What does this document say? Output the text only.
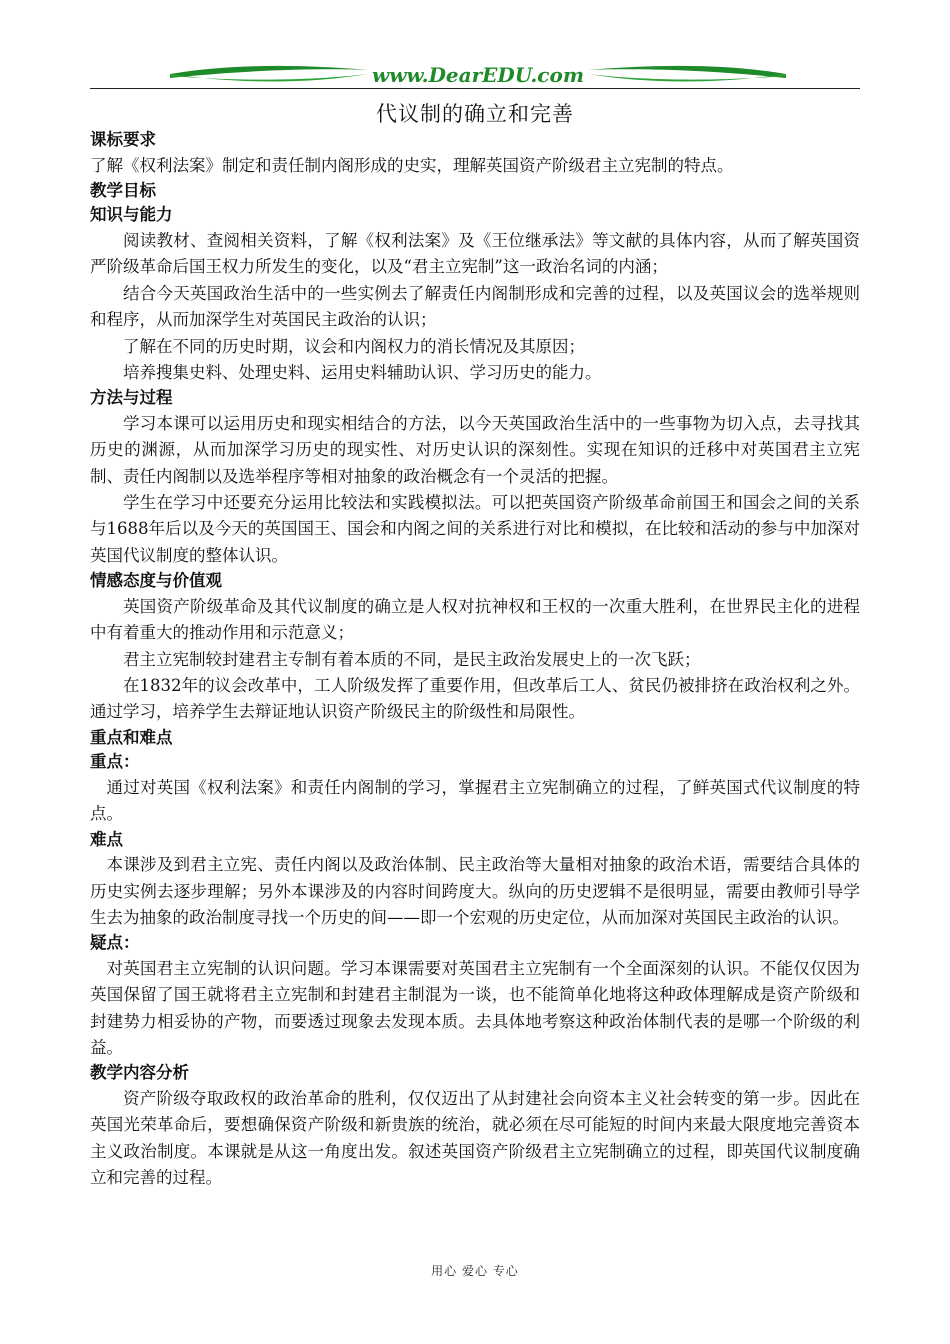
www.DearEDU.com
代议制的确立和完善
课标要求

了解《权利法案》制定和责任制内阁形成的史实，理解英国资产阶级君主立宪制的特点。

教学目标
知识与能力

阅读教材、查阅相关资料，了解《权利法案》及《王位继承法》等文献的具体内容，从而了解英国资严阶级革命后国王权力所发生的变化，以及“君主立宪制”这一政治名词的内涵；

结合今天英国政治生活中的一些实例去了解责任内阁制形成和完善的过程，以及英国议会的选举规则和程序，从而加深学生对英国民主政治的认识；

了解在不同的历史时期，议会和内阁权力的消长情况及其原因；

培养搜集史料、处理史料、运用史料辅助认识、学习历史的能力。

方法与过程

学习本课可以运用历史和现实相结合的方法，以今天英国政治生活中的一些事物为切入点，去寻找其历史的渊源，从而加深学习历史的现实性、对历史认识的深刻性。实现在知识的迁移中对英国君主立宪制、责任内阁制以及选举程序等相对抽象的政治概念有一个灵活的把握。

学生在学习中还要充分运用比较法和实践模拟法。可以把英国资产阶级革命前国王和国会之间的关系与1688年后以及今天的英国国王、国会和内阁之间的关系进行对比和模拟，在比较和活动的参与中加深对英国代议制度的整体认识。

情感态度与价值观

英国资产阶级革命及其代议制度的确立是人权对抗神权和王权的一次重大胜利，在世界民主化的进程中有着重大的推动作用和示范意义；

君主立宪制较封建君主专制有着本质的不同，是民主政治发展史上的一次飞跃；

在1832年的议会改革中，工人阶级发挥了重要作用，但改革后工人、贫民仍被排挤在政治权利之外。通过学习，培养学生去辩证地认识资产阶级民主的阶级性和局限性。

重点和难点
重点：

通过对英国《权利法案》和责任内阁制的学习，掌握君主立宪制确立的过程，了鲜英国式代议制度的特点。

难点

本课涉及到君主立宪、责任内阁以及政治体制、民主政治等大量相对抽象的政治术语，需要结合具体的历史实例去逐步理解；另外本课涉及的内容时间跨度大。纵向的历史逻辑不是很明显，需要由教师引导学生去为抽象的政治制度寻找一个历史的间——即一个宏观的历史定位，从而加深对英国民主政治的认识。

疑点：

对英国君主立宪制的认识问题。学习本课需要对英国君主立宪制有一个全面深刻的认识。不能仅仅因为英国保留了国王就将君主立宪制和封建君主制混为一谈，也不能简单化地将这种政体理解成是资产阶级和封建势力相妥协的产物，而要透过现象去发现本质。去具体地考察这种政治体制代表的是哪一个阶级的利益。

教学内容分析

资产阶级夺取政权的政治革命的胜利，仅仅迈出了从封建社会向资本主义社会转变的第一步。因此在英国光荣革命后，要想确保资产阶级和新贵族的统治，就必须在尽可能短的时间内来最大限度地完善资本主义政治制度。本课就是从这一角度出发。叙述英国资产阶级君主立宪制确立的过程，即英国代议制度确立和完善的过程。

用心 爱心 专心
